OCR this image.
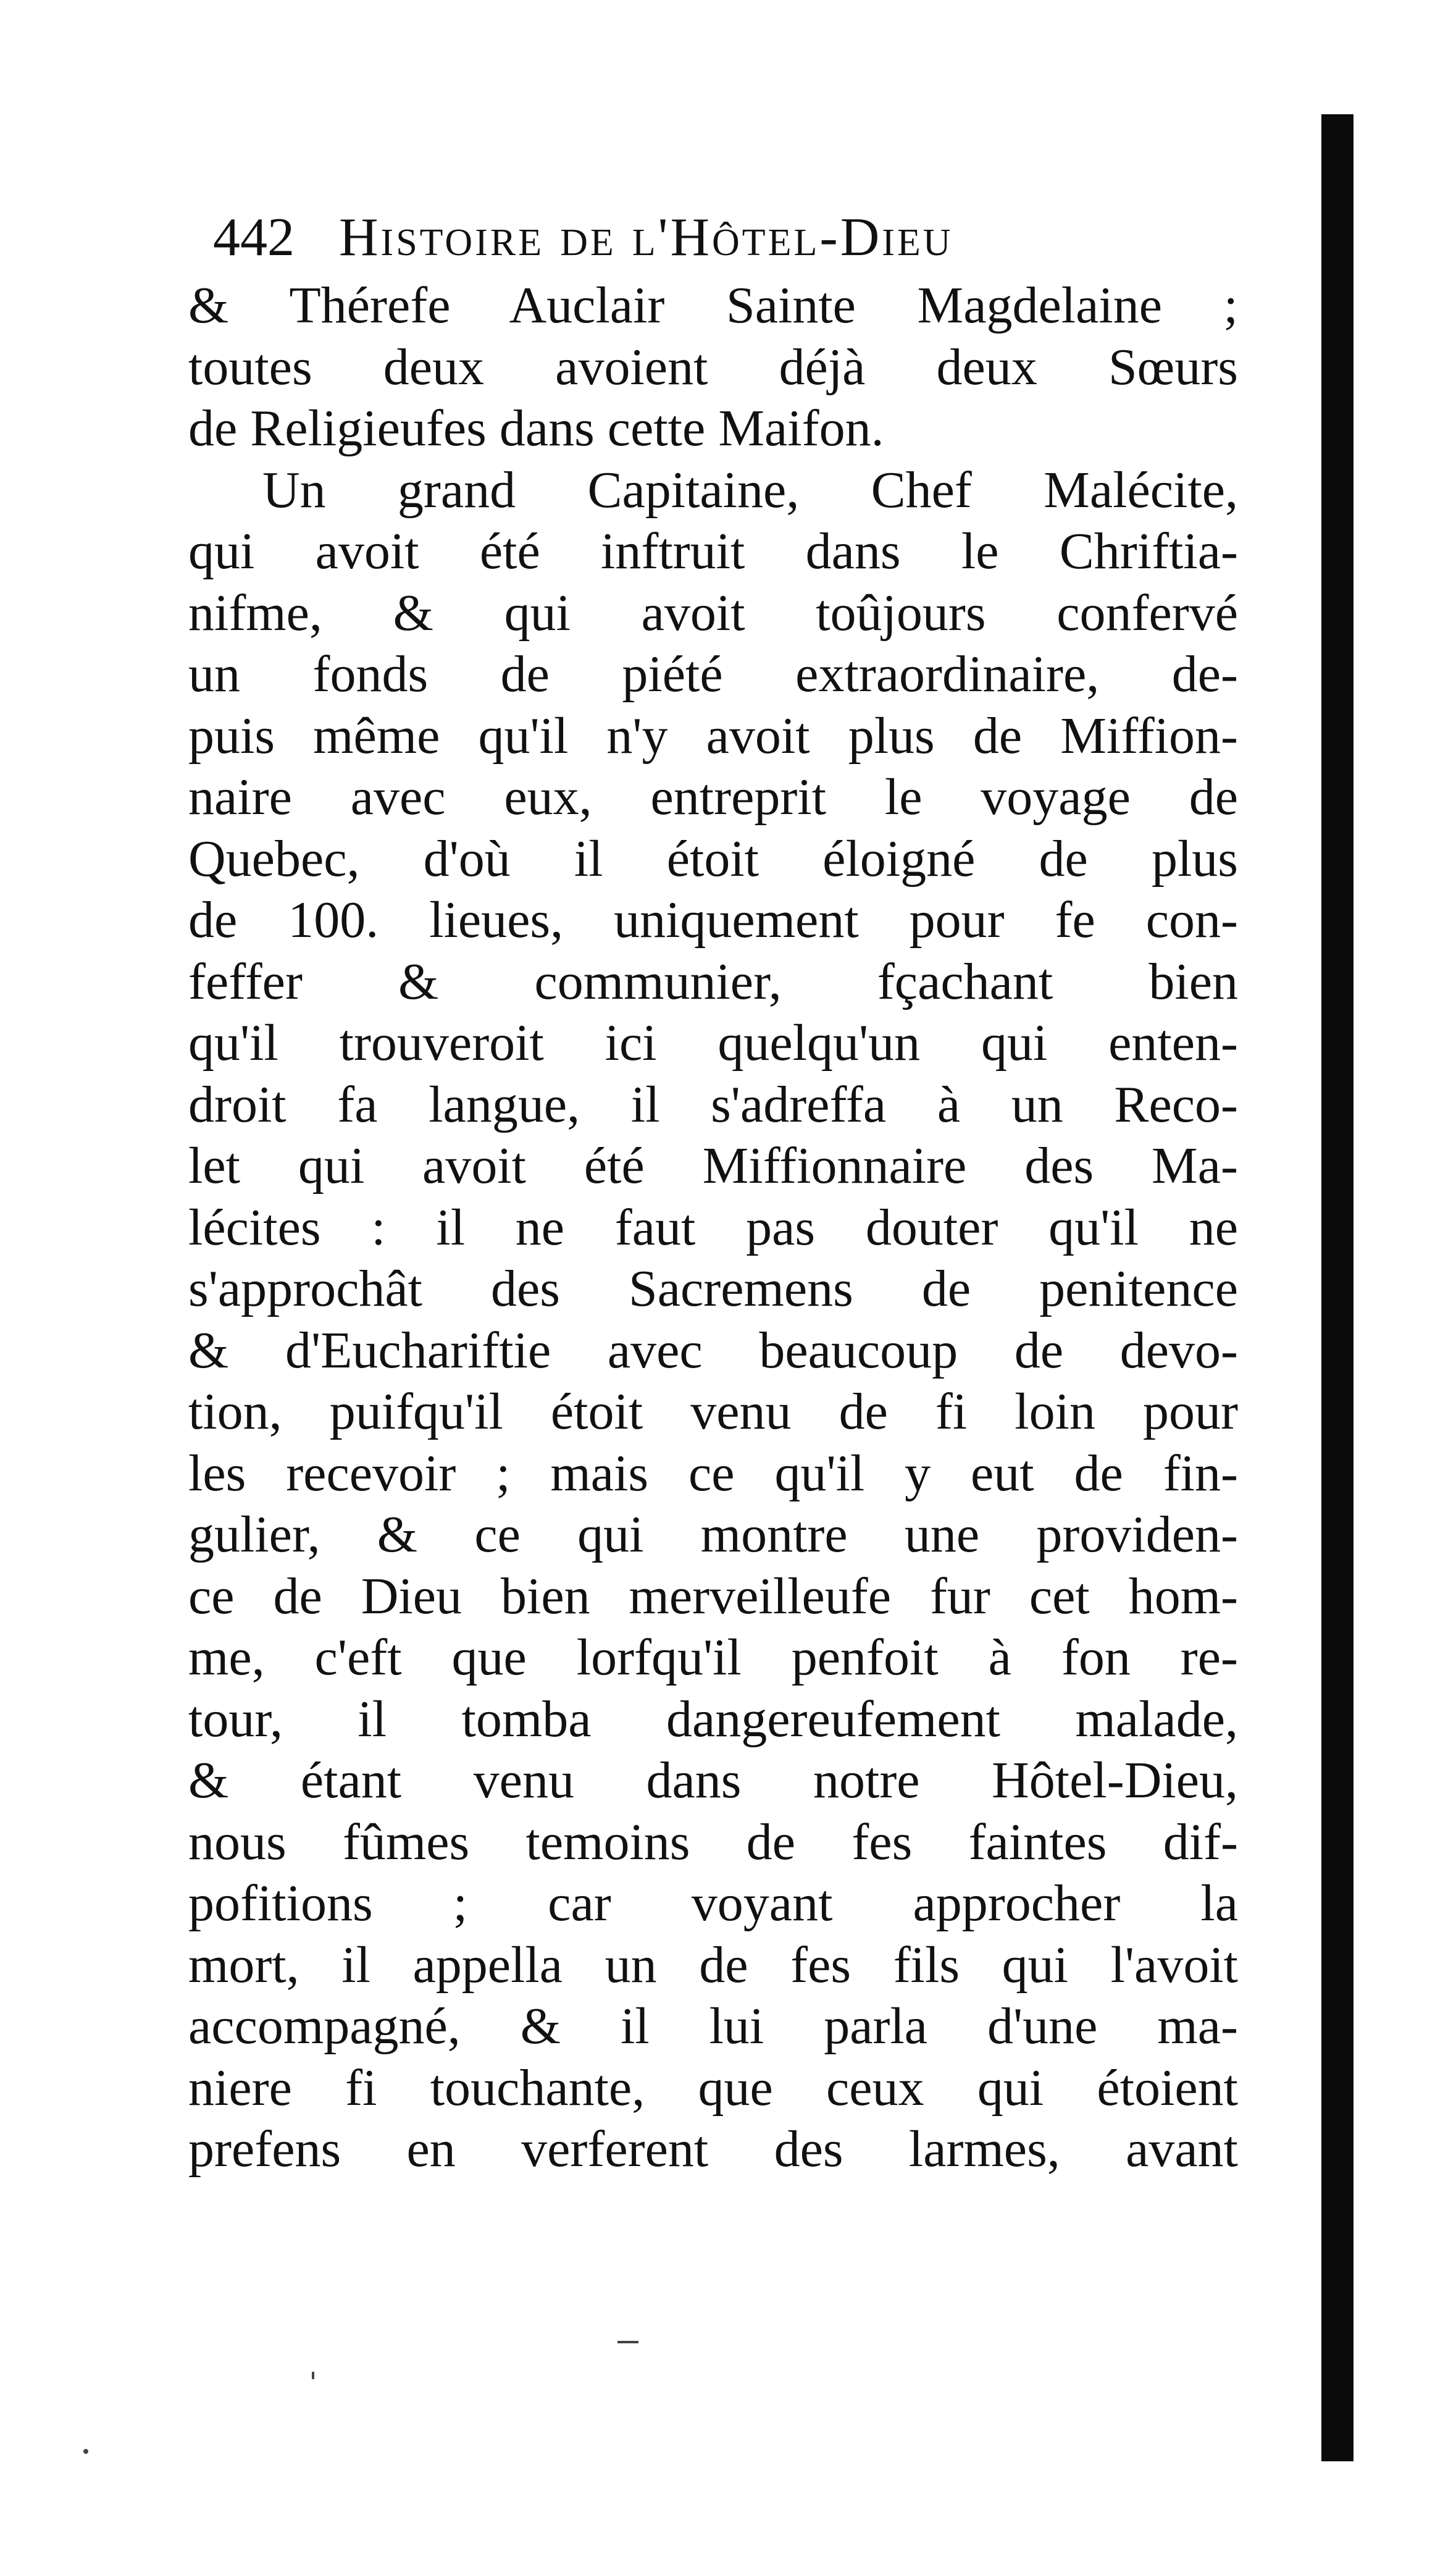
442 Histoire de l'Hôtel-Dieu
& Thérefe Auclair Sainte Magdelaine ;
toutes deux avoient déjà deux Sœurs
de Religieufes dans cette Maifon.
Un grand Capitaine, Chef Malécite,
qui avoit été inftruit dans le Chriftia-
nifme, & qui avoit toûjours confervé
un fonds de piété extraordinaire, de-
puis même qu'il n'y avoit plus de Miffion-
naire avec eux, entreprit le voyage de
Quebec, d'où il étoit éloigné de plus
de 100. lieues, uniquement pour fe con-
feffer & communier, fçachant bien
qu'il trouveroit ici quelqu'un qui enten-
droit fa langue, il s'adreffa à un Reco-
let qui avoit été Miffionnaire des Ma-
lécites : il ne faut pas douter qu'il ne
s'approchât des Sacremens de penitence
& d'Euchariftie avec beaucoup de devo-
tion, puifqu'il étoit venu de fi loin pour
les recevoir ; mais ce qu'il y eut de fin-
gulier, & ce qui montre une providen-
ce de Dieu bien merveilleufe fur cet hom-
me, c'eft que lorfqu'il penfoit à fon re-
tour, il tomba dangereufement malade,
& étant venu dans notre Hôtel-Dieu,
nous fûmes temoins de fes faintes dif-
pofitions ; car voyant approcher la
mort, il appella un de fes fils qui l'avoit
accompagné, & il lui parla d'une ma-
niere fi touchante, que ceux qui étoient
prefens en verferent des larmes, avant
